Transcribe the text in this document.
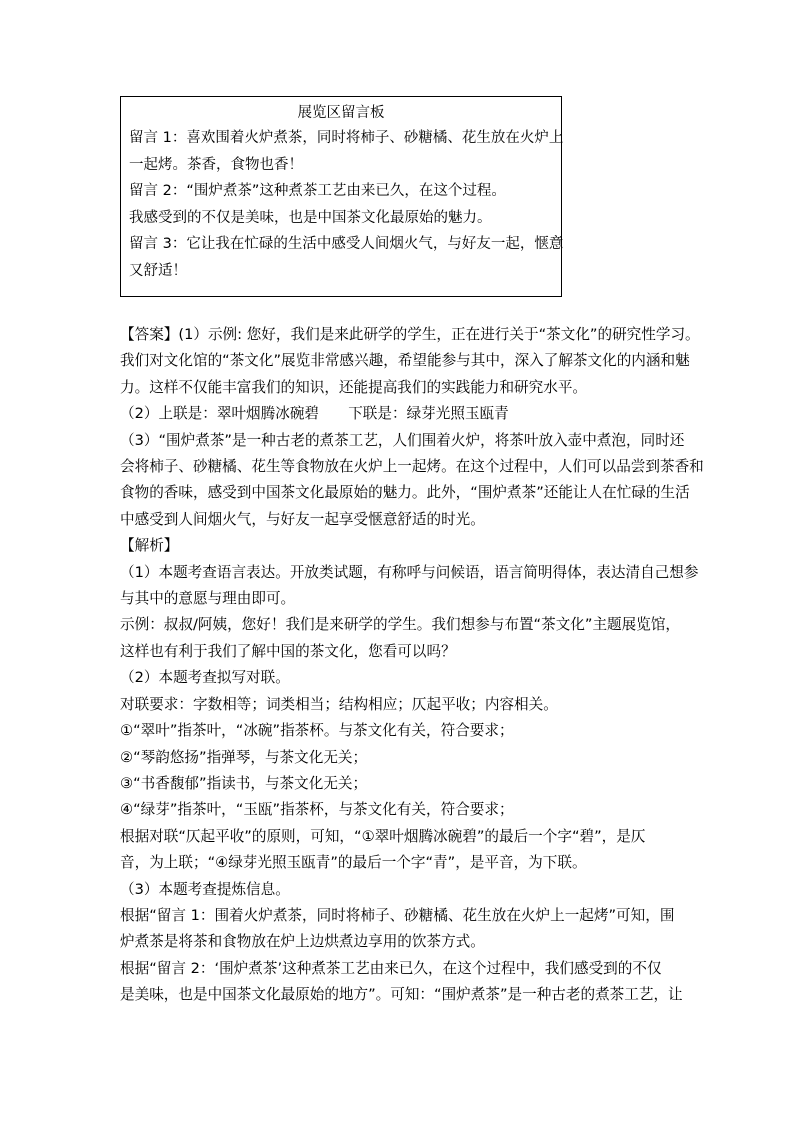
展览区留言板
留言 1：喜欢围着火炉煮茶，同时将柿子、砂糖橘、花生放在火炉上
一起烤。茶香，食物也香！
留言 2：“围炉煮茶”这种煮茶工艺由来已久，在这个过程。
我感受到的不仅是美味，也是中国茶文化最原始的魅力。
留言 3：它让我在忙碌的生活中感受人间烟火气，与好友一起，惬意
又舒适！
【答案】(1）示例: 您好，我们是来此研学的学生，正在进行关于“茶文化”的研究性学习。
我们对文化馆的“茶文化”展览非常感兴趣，希望能参与其中，深入了解茶文化的内涵和魅
力。这样不仅能丰富我们的知识，还能提高我们的实践能力和研究水平。
（2）上联是：翠叶烟腾冰碗碧　　下联是：绿芽光照玉瓯青
（3）“围炉煮茶”是一种古老的煮茶工艺，人们围着火炉，将茶叶放入壶中煮泡，同时还
会将柿子、砂糖橘、花生等食物放在火炉上一起烤。在这个过程中，人们可以品尝到茶香和
食物的香味，感受到中国茶文化最原始的魅力。此外，“围炉煮茶”还能让人在忙碌的生活
中感受到人间烟火气，与好友一起享受惬意舒适的时光。
【解析】
（1）本题考查语言表达。开放类试题，有称呼与问候语，语言简明得体，表达清自己想参
与其中的意愿与理由即可。
示例：叔叔/阿姨，您好！我们是来研学的学生。我们想参与布置“茶文化”主题展览馆，
这样也有利于我们了解中国的茶文化，您看可以吗？
（2）本题考查拟写对联。
对联要求：字数相等；词类相当；结构相应；仄起平收；内容相关。
①“翠叶”指茶叶，“冰碗”指茶杯。与茶文化有关，符合要求；
②“琴韵悠扬”指弹琴，与茶文化无关；
③“书香馥郁”指读书，与茶文化无关；
④“绿芽”指茶叶，“玉瓯”指茶杯，与茶文化有关，符合要求；
根据对联“仄起平收”的原则，可知，“①翠叶烟腾冰碗碧”的最后一个字“碧”，是仄
音，为上联；“④绿芽光照玉瓯青”的最后一个字“青”，是平音，为下联。
（3）本题考查提炼信息。
根据“留言 1：围着火炉煮茶，同时将柿子、砂糖橘、花生放在火炉上一起烤”可知，围
炉煮茶是将茶和食物放在炉上边烘煮边享用的饮茶方式。
根据“留言 2：‘围炉煮茶’这种煮茶工艺由来已久，在这个过程中，我们感受到的不仅
是美味，也是中国茶文化最原始的地方”。可知：“围炉煮茶”是一种古老的煮茶工艺，让
